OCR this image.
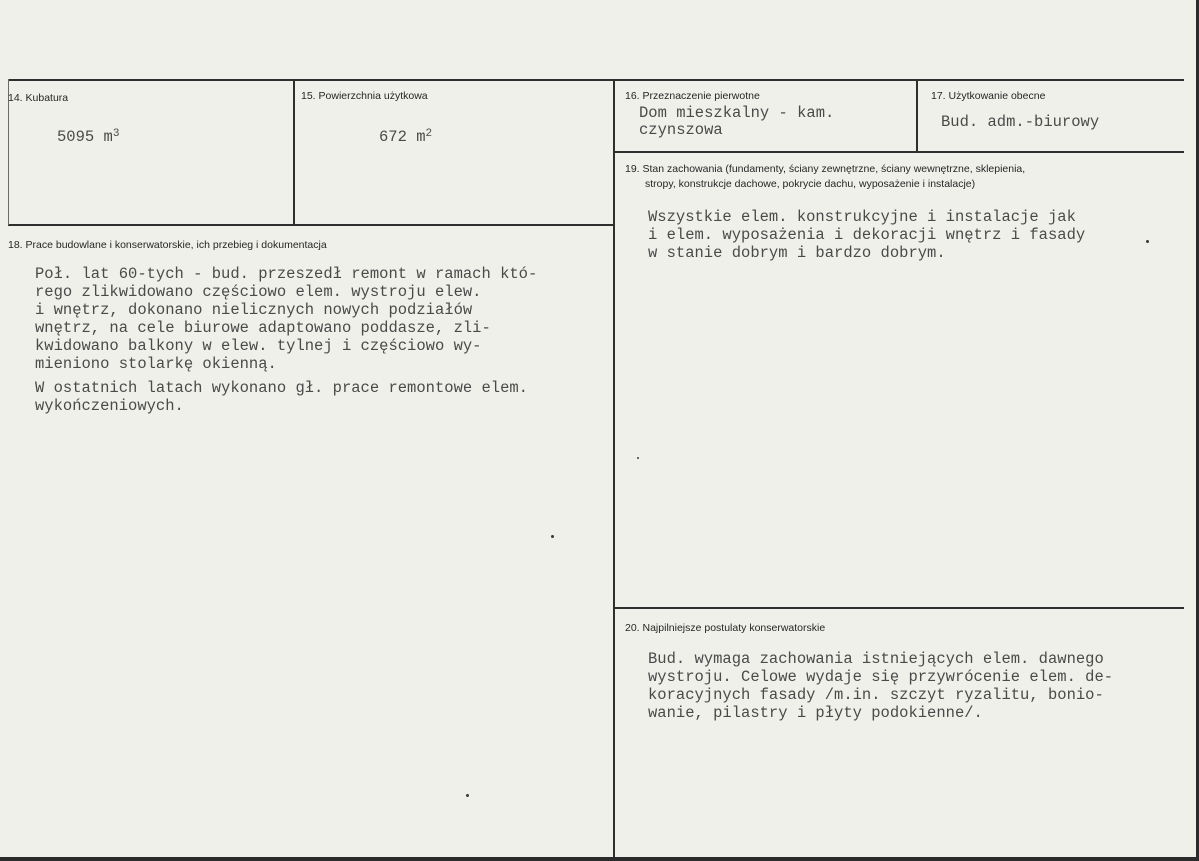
14. Kubatura
5095 $m^3$
15. Powierzchnia użytkowa
672 $m^2$
16. Przeznaczenie pierwotne
Dom mieszkalny - kam.
czynszowa
17. Użytkowanie obecne
Bud. adm.-biurowy
18. Prace budowlane i konserwatorskie, ich przebieg i dokumentacja
Poł. lat 60-tych - bud. przeszedł remont w ramach któ-
rego zlikwidowano częściowo elem. wystroju elew.
i wnętrz, dokonano nielicznych nowych podziałów
wnętrz, na cele biurowe adaptowano poddasze, zli-
kwidowano balkony w elew. tylnej i częściowo wy-
mieniono stolarkę okienną.
W ostatnich latach wykonano gł. prace remontowe elem.
wykończeniowych.
19. Stan zachowania (fundamenty, ściany zewnętrzne, ściany wewnętrzne, sklepienia,
stropy, konstrukcje dachowe, pokrycie dachu, wyposażenie i instalacje)
Wszystkie elem. konstrukcyjne i instalacje jak
i elem. wyposażenia i dekoracji wnętrz i fasady
w stanie dobrym i bardzo dobrym.
20. Najpilniejsze postulaty konserwatorskie
Bud. wymaga zachowania istniejących elem. dawnego
wystroju. Celowe wydaje się przywrócenie elem. de-
koracyjnych fasady /m.in. szczyt ryzalitu, bonio-
wanie, pilastry i płyty podokienne/.
